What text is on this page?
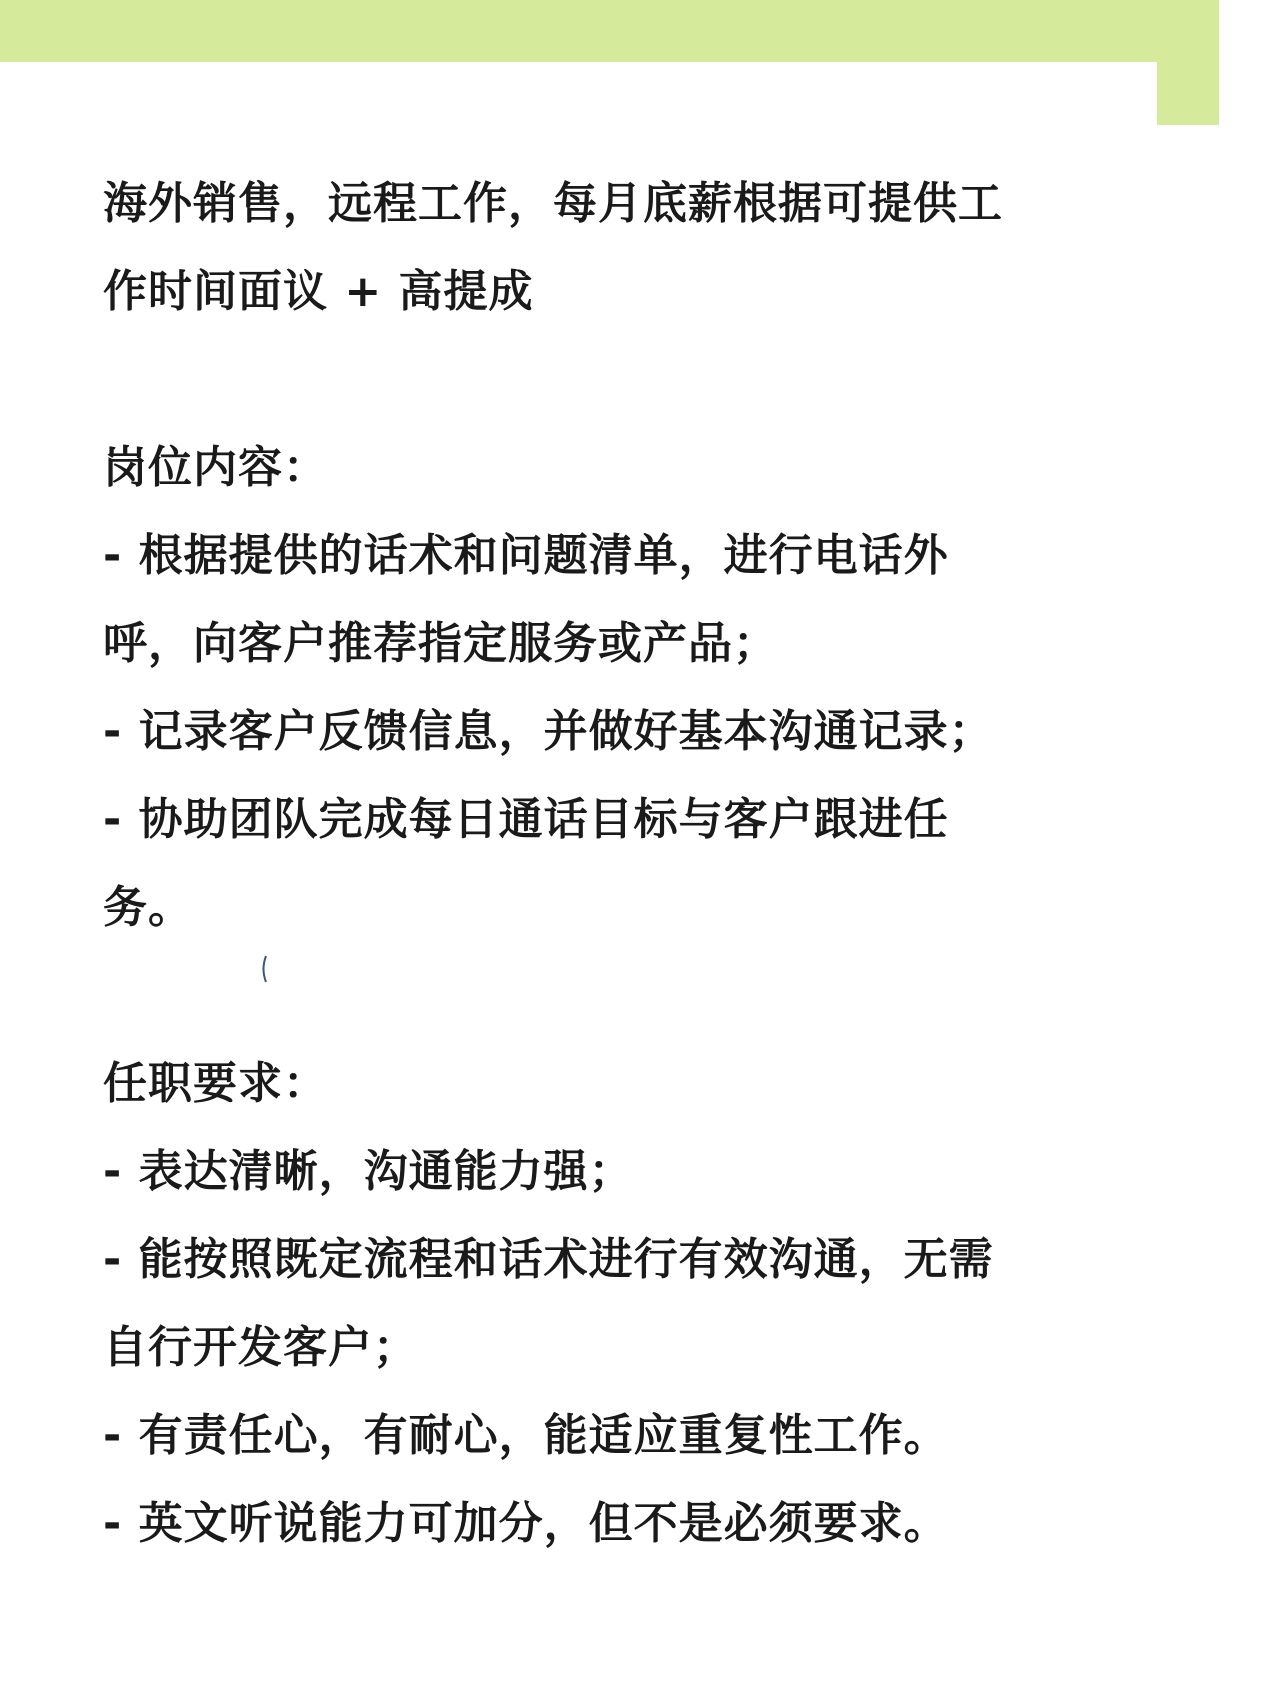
海外销售，远程工作，每月底薪根据可提供工
作时间面议 + 高提成

岗位内容：

- 根据提供的话术和问题清单，进行电话外
呼，向客户推荐指定服务或产品；
- 记录客户反馈信息，并做好基本沟通记录；
- 协助团队完成每日通话目标与客户跟进任
务。

任职要求：

- 表达清晰，沟通能力强；
- 能按照既定流程和话术进行有效沟通，无需
自行开发客户；
- 有责任心，有耐心，能适应重复性工作。
- 英文听说能力可加分，但不是必须要求。
